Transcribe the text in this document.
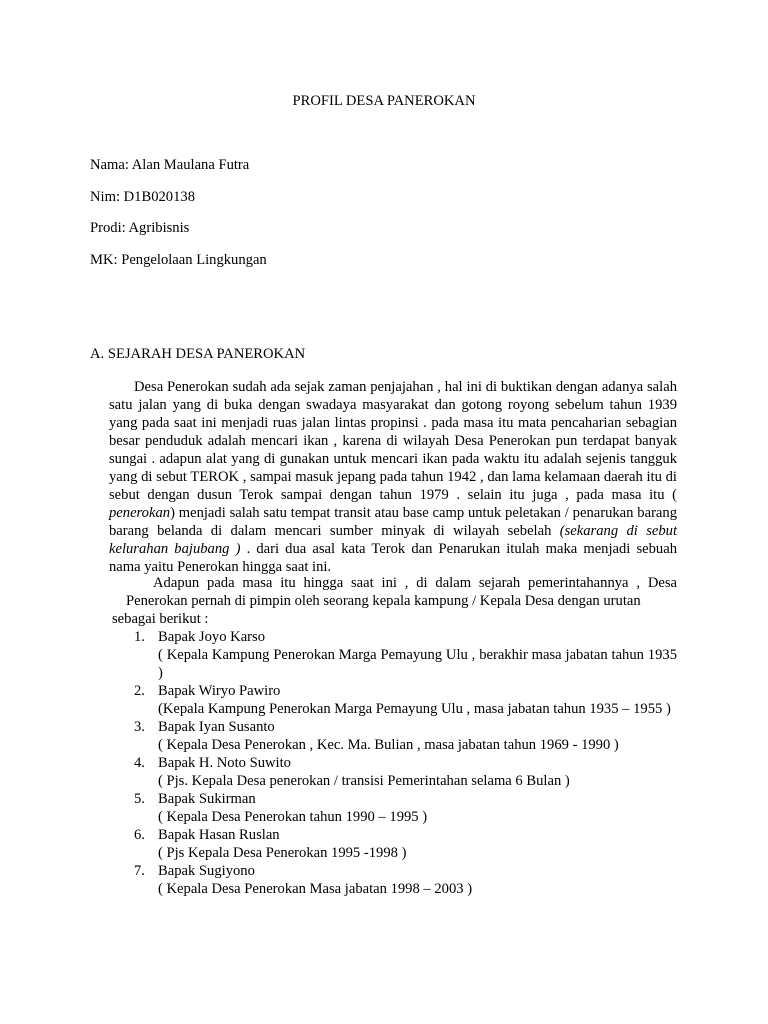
PROFIL DESA PANEROKAN
Nama: Alan Maulana Futra
Nim: D1B020138
Prodi: Agribisnis
MK: Pengelolaan Lingkungan
A. SEJARAH DESA PANEROKAN
Desa Penerokan sudah ada sejak zaman penjajahan , hal ini di buktikan dengan adanya salah satu jalan yang di buka dengan swadaya masyarakat dan gotong royong sebelum tahun 1939 yang pada saat ini menjadi ruas jalan lintas propinsi . pada masa itu mata pencaharian sebagian besar penduduk adalah mencari ikan , karena di wilayah Desa Penerokan pun terdapat banyak sungai . adapun alat yang di gunakan untuk mencari ikan pada waktu itu adalah sejenis tangguk yang di sebut TEROK , sampai masuk jepang pada tahun 1942 , dan lama kelamaan daerah itu di sebut dengan dusun Terok sampai dengan tahun 1979 . selain itu juga , pada masa itu ( penerokan) menjadi salah satu tempat transit atau base camp untuk peletakan / penarukan barang barang belanda di dalam mencari sumber minyak di wilayah sebelah (sekarang di sebut kelurahan bajubang ) . dari dua asal kata Terok dan Penarukan itulah maka menjadi sebuah nama yaitu Penerokan hingga saat ini.
Adapun pada masa itu hingga saat ini , di dalam sejarah pemerintahannya , Desa
Penerokan pernah di pimpin oleh seorang kepala kampung / Kepala Desa dengan urutan
sebagai berikut :
1. Bapak Joyo Karso
( Kepala Kampung Penerokan Marga Pemayung Ulu , berakhir masa jabatan tahun 1935 )
2. Bapak Wiryo Pawiro
(Kepala Kampung Penerokan Marga Pemayung Ulu , masa jabatan tahun 1935 – 1955 )
3. Bapak Iyan Susanto
( Kepala Desa Penerokan , Kec. Ma. Bulian , masa jabatan tahun 1969 - 1990 )
4. Bapak H. Noto Suwito
( Pjs. Kepala Desa penerokan / transisi Pemerintahan selama 6 Bulan )
5. Bapak Sukirman
( Kepala Desa Penerokan tahun 1990 – 1995 )
6. Bapak Hasan Ruslan
( Pjs Kepala Desa Penerokan 1995 -1998 )
7. Bapak Sugiyono
( Kepala Desa Penerokan Masa jabatan 1998 – 2003 )
